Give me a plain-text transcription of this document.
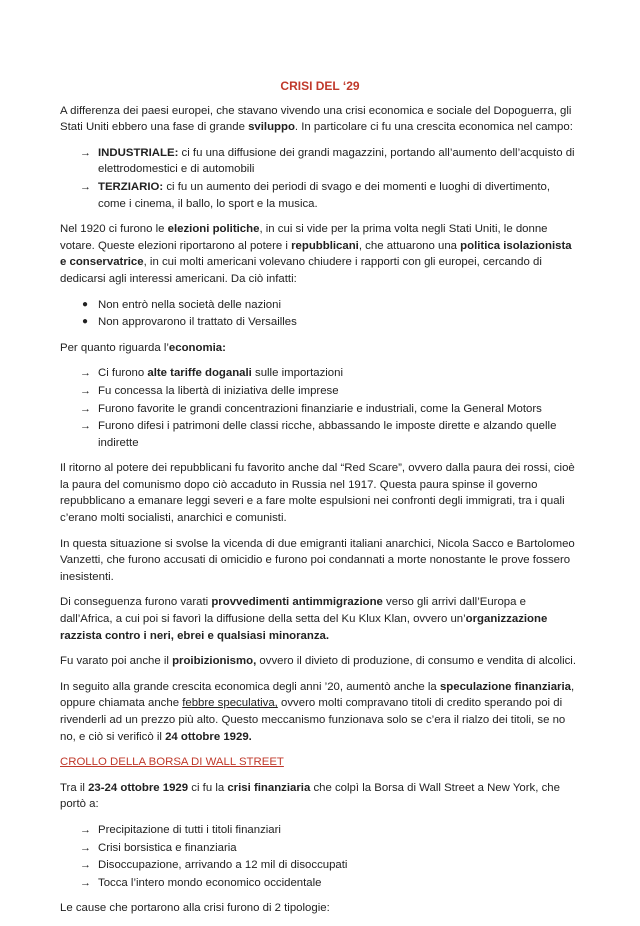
CRISI DEL ‘29

A differenza dei paesi europei, che stavano vivendo una crisi economica e sociale del Dopoguerra, gli Stati Uniti ebbero una fase di grande sviluppo. In particolare ci fu una crescita economica nel campo:

→ INDUSTRIALE: ci fu una diffusione dei grandi magazzini, portando all’aumento dell’acquisto di elettrodomestici e di automobili
→ TERZIARIO: ci fu un aumento dei periodi di svago e dei momenti e luoghi di divertimento, come i cinema, il ballo, lo sport e la musica.

Nel 1920 ci furono le elezioni politiche, in cui si vide per la prima volta negli Stati Uniti, le donne votare. Queste elezioni riportarono al potere i repubblicani, che attuarono una politica isolazionista e conservatrice, in cui molti americani volevano chiudere i rapporti con gli europei, cercando di dedicarsi agli interessi americani. Da ciò infatti:

● Non entrò nella società delle nazioni
● Non approvarono il trattato di Versailles

Per quanto riguarda l’economia:

→ Ci furono alte tariffe doganali sulle importazioni
→ Fu concessa la libertà di iniziativa delle imprese
→ Furono favorite le grandi concentrazioni finanziarie e industriali, come la General Motors
→ Furono difesi i patrimoni delle classi ricche, abbassando le imposte dirette e alzando quelle indirette

Il ritorno al potere dei repubblicani fu favorito anche dal “Red Scare”, ovvero dalla paura dei rossi, cioè la paura del comunismo dopo ciò accaduto in Russia nel 1917. Questa paura spinse il governo repubblicano a emanare leggi severi e a fare molte espulsioni nei confronti degli immigrati, tra i quali c’erano molti socialisti, anarchici e comunisti.

In questa situazione si svolse la vicenda di due emigranti italiani anarchici, Nicola Sacco e Bartolomeo Vanzetti, che furono accusati di omicidio e furono poi condannati a morte nonostante le prove fossero inesistenti.

Di conseguenza furono varati provvedimenti antimmigrazione verso gli arrivi dall’Europa e dall’Africa, a cui poi si favorì la diffusione della setta del Ku Klux Klan, ovvero un’organizzazione razzista contro i neri, ebrei e qualsiasi minoranza.

Fu varato poi anche il proibizionismo, ovvero il divieto di produzione, di consumo e vendita di alcolici.

In seguito alla grande crescita economica degli anni ’20, aumentò anche la speculazione finanziaria, oppure chiamata anche febbre speculativa, ovvero molti compravano titoli di credito sperando poi di rivenderli ad un prezzo più alto. Questo meccanismo funzionava solo se c’era il rialzo dei titoli, se no no, e ciò si verificò il 24 ottobre 1929.

CROLLO DELLA BORSA DI WALL STREET

Tra il 23-24 ottobre 1929 ci fu la crisi finanziaria che colpì la Borsa di Wall Street a New York, che portò a:

→ Precipitazione di tutti i titoli finanziari
→ Crisi borsistica e finanziaria
→ Disoccupazione, arrivando a 12 mil di disoccupati
→ Tocca l’intero mondo economico occidentale

Le cause che portarono alla crisi furono di 2 tipologie:
